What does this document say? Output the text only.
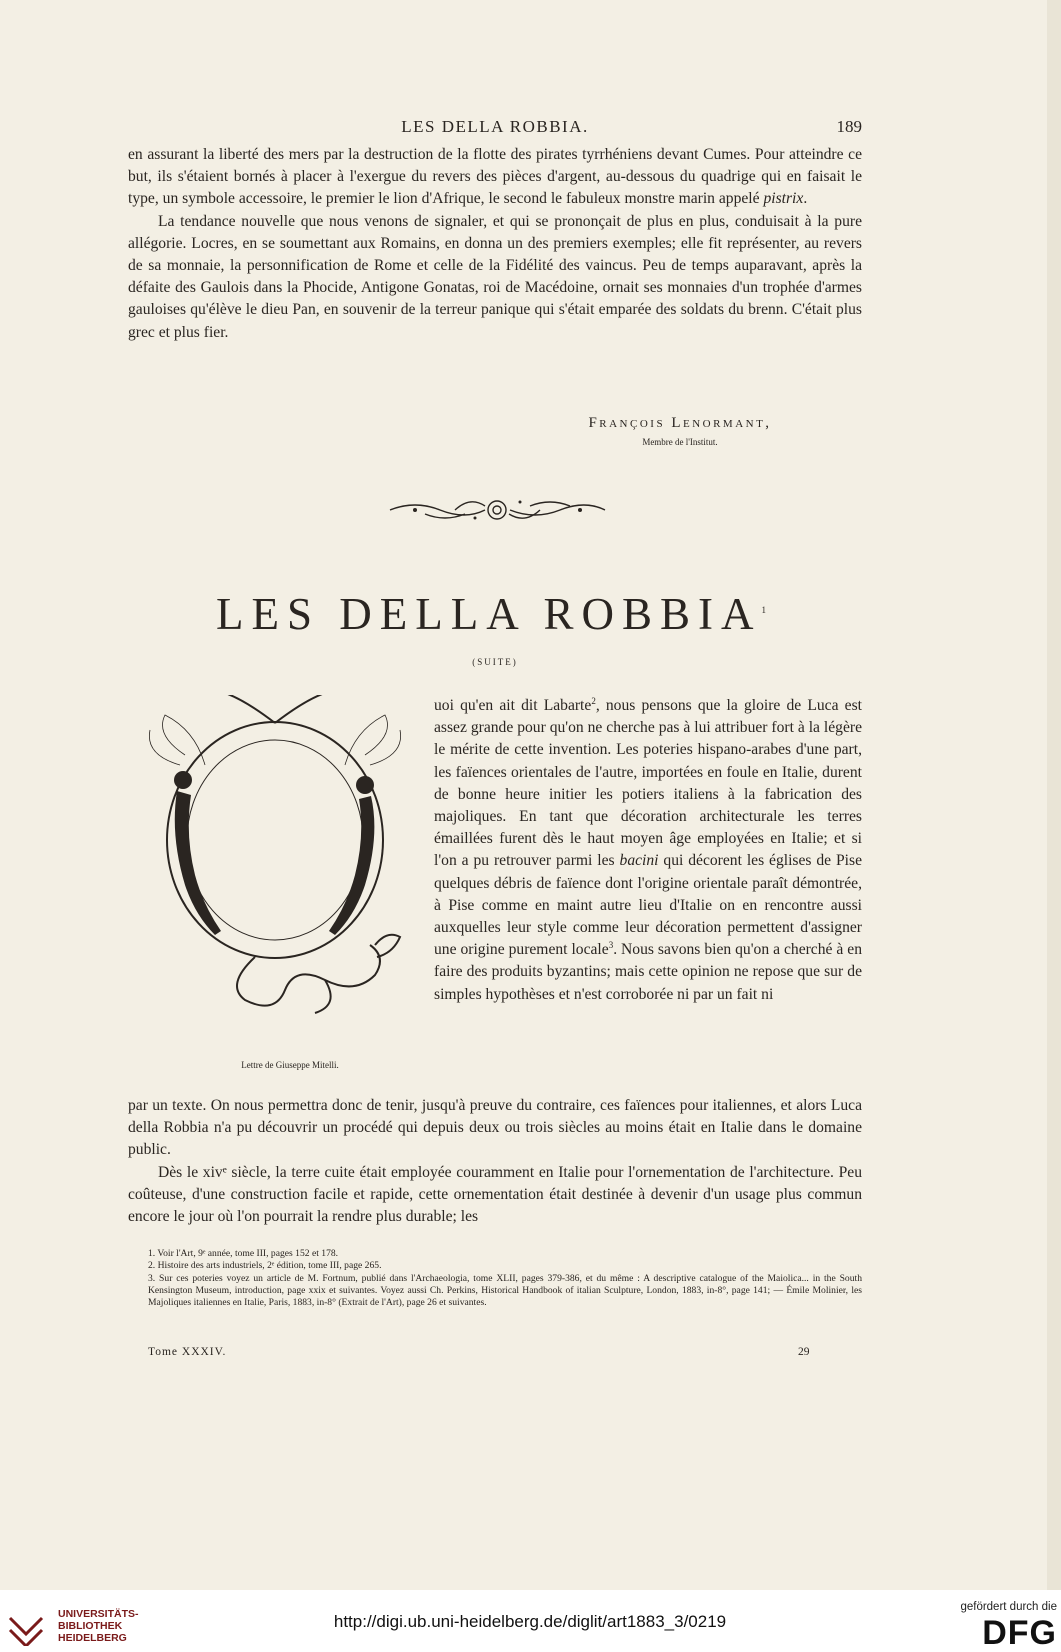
LES DELLA ROBBIA.	189

en assurant la liberté des mers par la destruction de la flotte des pirates tyrrhéniens devant Cumes. Pour atteindre ce but, ils s'étaient bornés à placer à l'exergue du revers des pièces d'argent, au-dessous du quadrige qui en faisait le type, un symbole accessoire, le premier le lion d'Afrique, le second le fabuleux monstre marin appelé pistrix.

La tendance nouvelle que nous venons de signaler, et qui se prononçait de plus en plus, conduisait à la pure allégorie. Locres, en se soumettant aux Romains, en donna un des premiers exemples; elle fit représenter, au revers de sa monnaie, la personnification de Rome et celle de la Fidélité des vaincus. Peu de temps auparavant, après la défaite des Gaulois dans la Phocide, Antigone Gonatas, roi de Macédoine, ornait ses monnaies d'un trophée d'armes gauloises qu'élève le dieu Pan, en souvenir de la terreur panique qui s'était emparée des soldats du brenn. C'était plus grec et plus fier.

François Lenormant,
Membre de l'Institut.
LES DELLA ROBBIA$^1$
(SUITE)
Lettre de Giuseppe Mitelli.
uoi qu'en ait dit Labarte$^2$, nous pensons que la gloire de Luca est assez grande pour qu'on ne cherche pas à lui attribuer fort à la légère le mérite de cette invention. Les poteries hispano-arabes d'une part, les faïences orientales de l'autre, importées en foule en Italie, durent de bonne heure initier les potiers italiens à la fabrication des majoliques. En tant que décoration architecturale les terres émaillées furent dès le haut moyen âge employées en Italie; et si l'on a pu retrouver parmi les bacini qui décorent les églises de Pise quelques débris de faïence dont l'origine orientale paraît démontrée, à Pise comme en maint autre lieu d'Italie on en rencontre aussi auxquelles leur style comme leur décoration permettent d'assigner une origine purement locale$^3$. Nous savons bien qu'on a cherché à en faire des produits byzantins; mais cette opinion ne repose que sur de simples hypothèses et n'est corroborée ni par un fait ni

par un texte. On nous permettra donc de tenir, jusqu'à preuve du contraire, ces faïences pour italiennes, et alors Luca della Robbia n'a pu découvrir un procédé qui depuis deux ou trois siècles au moins était en Italie dans le domaine public.

Dès le xivᵉ siècle, la terre cuite était employée couramment en Italie pour l'ornementation de l'architecture. Peu coûteuse, d'une construction facile et rapide, cette ornementation était destinée à devenir d'un usage plus commun encore le jour où l'on pourrait la rendre plus durable; les

1. Voir l'Art, 9ᵉ année, tome III, pages 152 et 178.
2. Histoire des arts industriels, 2ᵉ édition, tome III, page 265.
3. Sur ces poteries voyez un article de M. Fortnum, publié dans l'Archaeologia, tome XLII, pages 379-386, et du même : A descriptive catalogue of the Maiolica... in the South Kensington Museum, introduction, page xxix et suivantes. Voyez aussi Ch. Perkins, Historical Handbook of italian Sculpture, London, 1883, in-8°, page 141; — Émile Molinier, les Majoliques italiennes en Italie, Paris, 1883, in-8° (Extrait de l'Art), page 26 et suivantes.
Tome XXXIV.	29
UNIVERSITÄTS-
BIBLIOTHEK
HEIDELBERG
http://digi.ub.uni-heidelberg.de/diglit/art1883_3/0219
gefördert durch die
DFG
